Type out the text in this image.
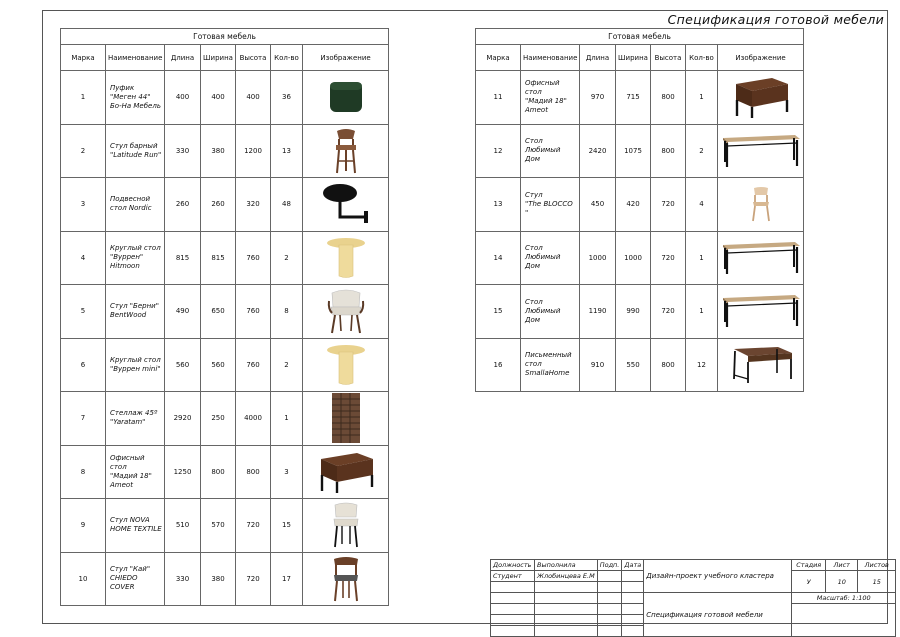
Спецификация готовой мебели
Готовая мебель						
Марка	Наименование	Длина	Ширина	Высота	Кол-во	Изображение
1	Пуфик
"Меген 44"
Бо-На Мебель	400	400	400	36	

2	Стул барный
"Latitude Run"	330	380	1200	13	

3	Подвесной
стол Nordic	260	260	320	48	

4	Круглый стол
"Вуррен"
Hitmoon	815	815	760	2	

5	Стул "Берни"
BentWood	490	650	760	8	

6	Круглый стол
"Вуррен mini"	560	560	760	2	

7	Стеллаж 45º
"Yaratam"	2920	250	4000	1	

8	Офисный стол
"Мадий 18"
Ameot	1250	800	800	3	

9	Стул NOVA
HOME TEXTILE	510	570	720	15	

10	Стул "Кай"
CHIEDO COVER	330	380	720	17	
Готовая мебель						
Марка	Наименование	Длина	Ширина	Высота	Кол-во	Изображение
11	Офисный стол
"Мадий 18"
Ameot	970	715	800	1	

12	Стол
Любимый Дом	2420	1075	800	2	

13	Стул
"The BLOCCO "	450	420	720	4	

14	Стол
Любимый Дом	1000	1000	720	1	

15	Стол
Любимый Дом	1190	990	720	1	

16	Письменный
стол
SmallaHome	910	550	800	12	
Должность	Выполнила	Подп.	Дата	Дизайн-проект учебного кластера	Стадия	Лист	Листов
Студент	Жлобинцева Е.М				У	10	15

				Спецификация готовой мебели	Масштаб: 1:100		
